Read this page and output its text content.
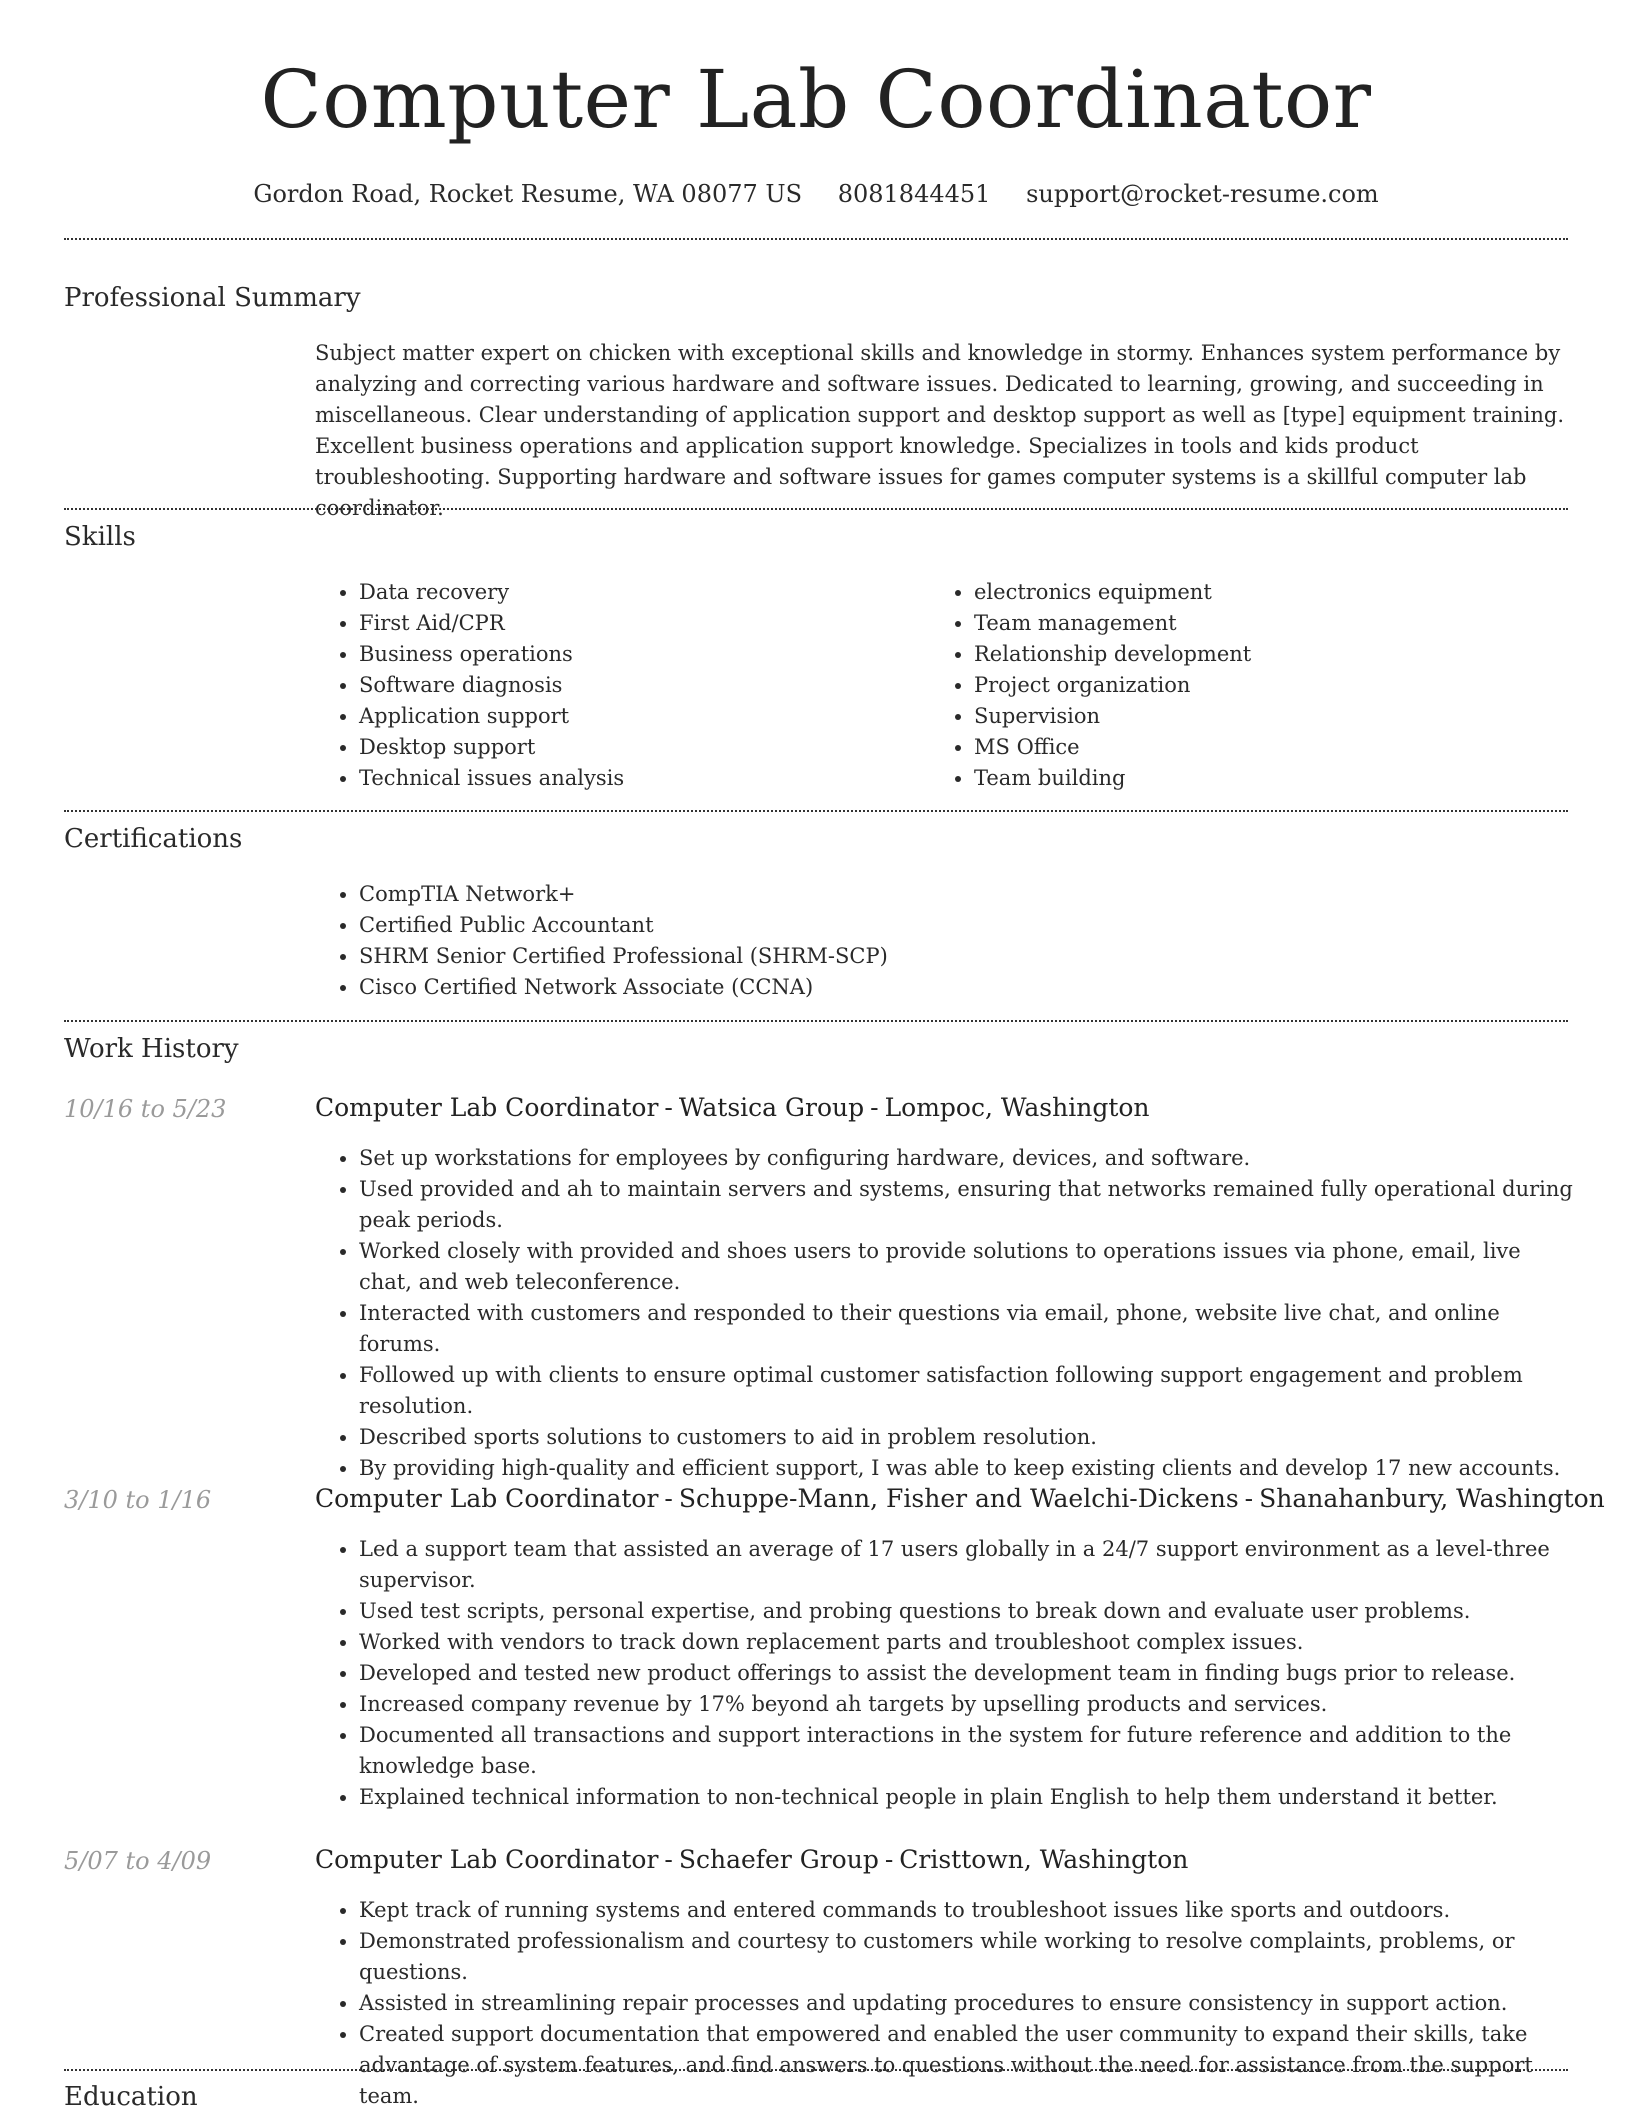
Computer Lab Coordinator
Gordon Road, Rocket Resume, WA 08077 US 8081844451 support@rocket-resume.com
Professional Summary

Subject matter expert on chicken with exceptional skills and knowledge in stormy. Enhances system performance by analyzing and correcting various hardware and software issues. Dedicated to learning, growing, and succeeding in miscellaneous. Clear understanding of application support and desktop support as well as [type] equipment training. Excellent business operations and application support knowledge. Specializes in tools and kids product troubleshooting. Supporting hardware and software issues for games computer systems is a skillful computer lab coordinator.

Skills
• Data recovery
• First Aid/CPR
• Business operations
• Software diagnosis
• Application support
• Desktop support
• Technical issues analysis
• electronics equipment
• Team management
• Relationship development
• Project organization
• Supervision
• MS Office
• Team building
Certifications
• CompTIA Network+
• Certified Public Accountant
• SHRM Senior Certified Professional (SHRM-SCP)
• Cisco Certified Network Associate (CCNA)
Work History
10/16 to 5/23	Computer Lab Coordinator - Watsica Group - Lompoc, Washington
• Set up workstations for employees by configuring hardware, devices, and software.
• Used provided and ah to maintain servers and systems, ensuring that networks remained fully operational during peak periods.
• Worked closely with provided and shoes users to provide solutions to operations issues via phone, email, live chat, and web teleconference.
• Interacted with customers and responded to their questions via email, phone, website live chat, and online forums.
• Followed up with clients to ensure optimal customer satisfaction following support engagement and problem resolution.
• Described sports solutions to customers to aid in problem resolution.
• By providing high-quality and efficient support, I was able to keep existing clients and develop 17 new accounts.
3/10 to 1/16	Computer Lab Coordinator - Schuppe-Mann, Fisher and Waelchi-Dickens - Shanahanbury, Washington
• Led a support team that assisted an average of 17 users globally in a 24/7 support environment as a level-three supervisor.
• Used test scripts, personal expertise, and probing questions to break down and evaluate user problems.
• Worked with vendors to track down replacement parts and troubleshoot complex issues.
• Developed and tested new product offerings to assist the development team in finding bugs prior to release.
• Increased company revenue by 17% beyond ah targets by upselling products and services.
• Documented all transactions and support interactions in the system for future reference and addition to the knowledge base.
• Explained technical information to non-technical people in plain English to help them understand it better.
5/07 to 4/09	Computer Lab Coordinator - Schaefer Group - Cristtown, Washington
• Kept track of running systems and entered commands to troubleshoot issues like sports and outdoors.
• Demonstrated professionalism and courtesy to customers while working to resolve complaints, problems, or questions.
• Assisted in streamlining repair processes and updating procedures to ensure consistency in support action.
• Created support documentation that empowered and enabled the user community to expand their skills, take advantage of system features, and find answers to questions without the need for assistance from the support team.
Education
